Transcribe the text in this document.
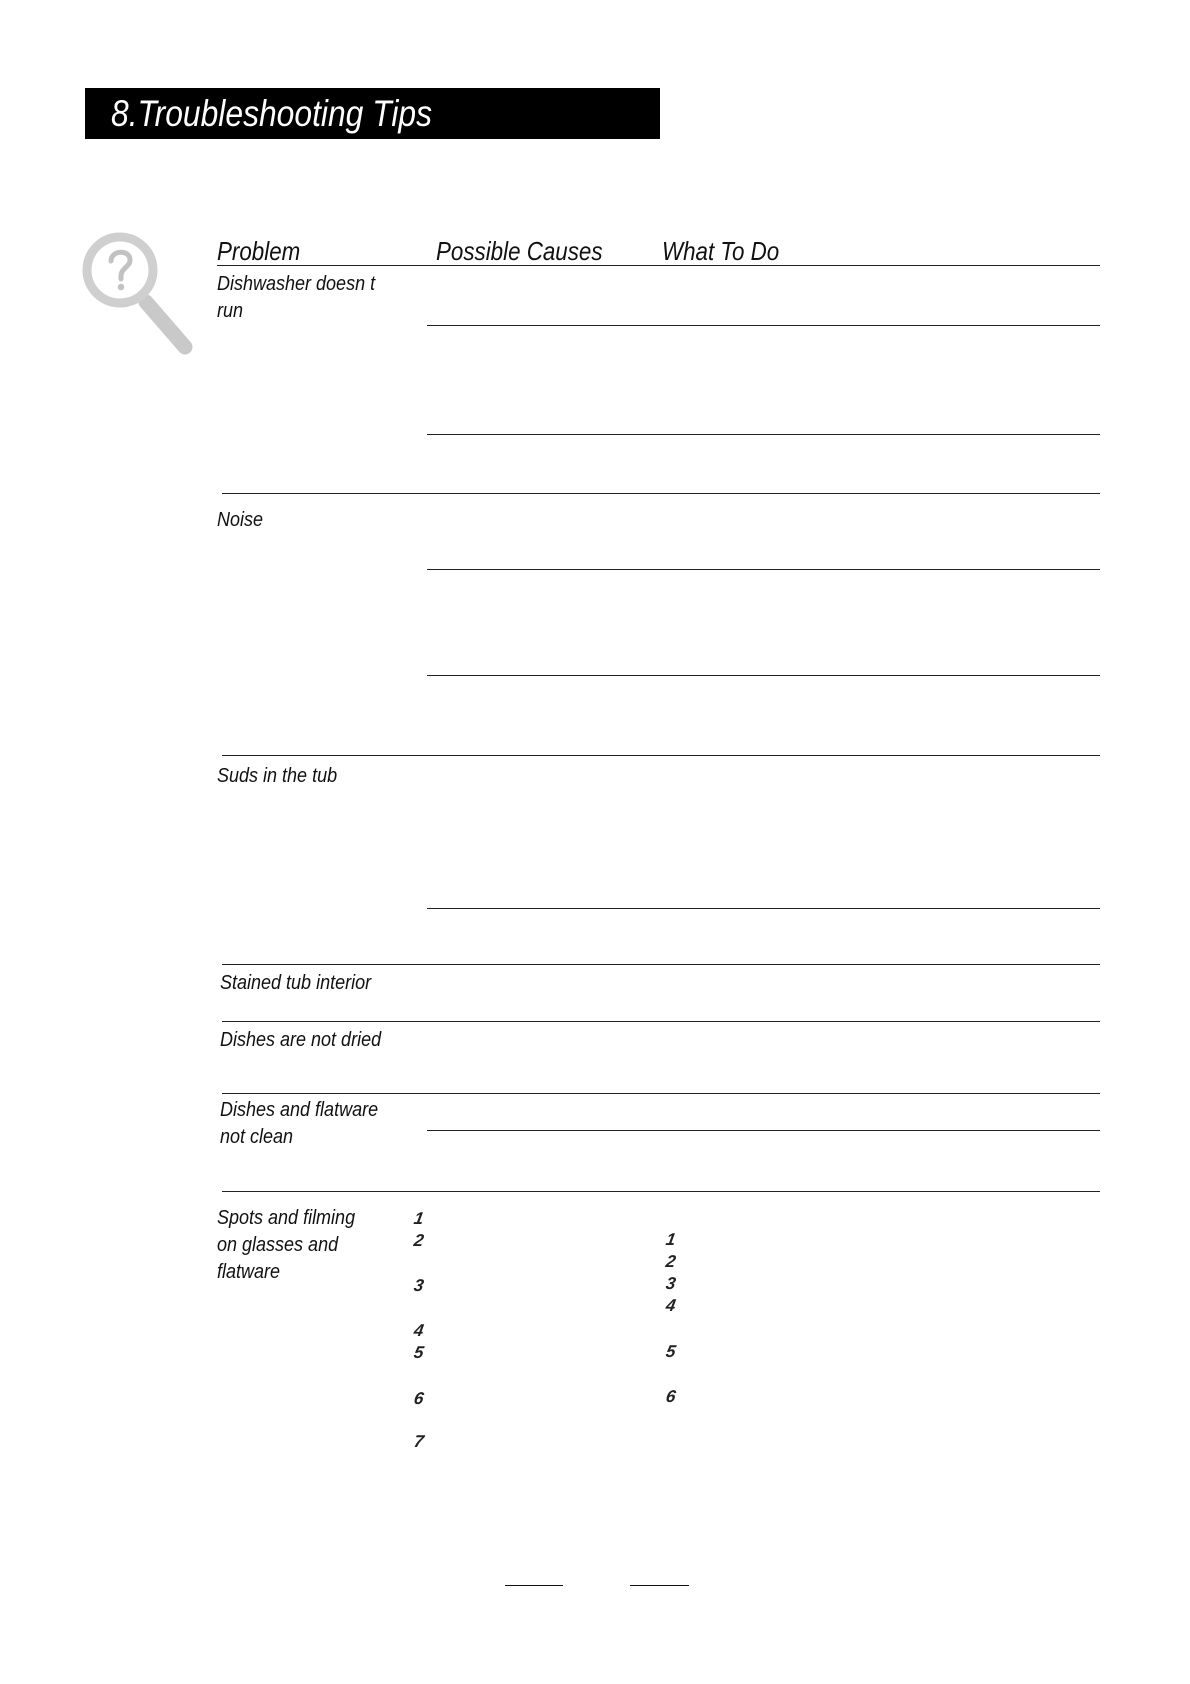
8.Troubleshooting Tips
Problem	Possible Causes What To Do
Dishwasher doesn t
run
Noise
Suds in the tub
Stained tub interior
Dishes are not dried
Dishes and flatware
not clean
Spots and filming
on glasses and
flatware
1
2
3
4
5
6
7
1
2
3
4
5
6
